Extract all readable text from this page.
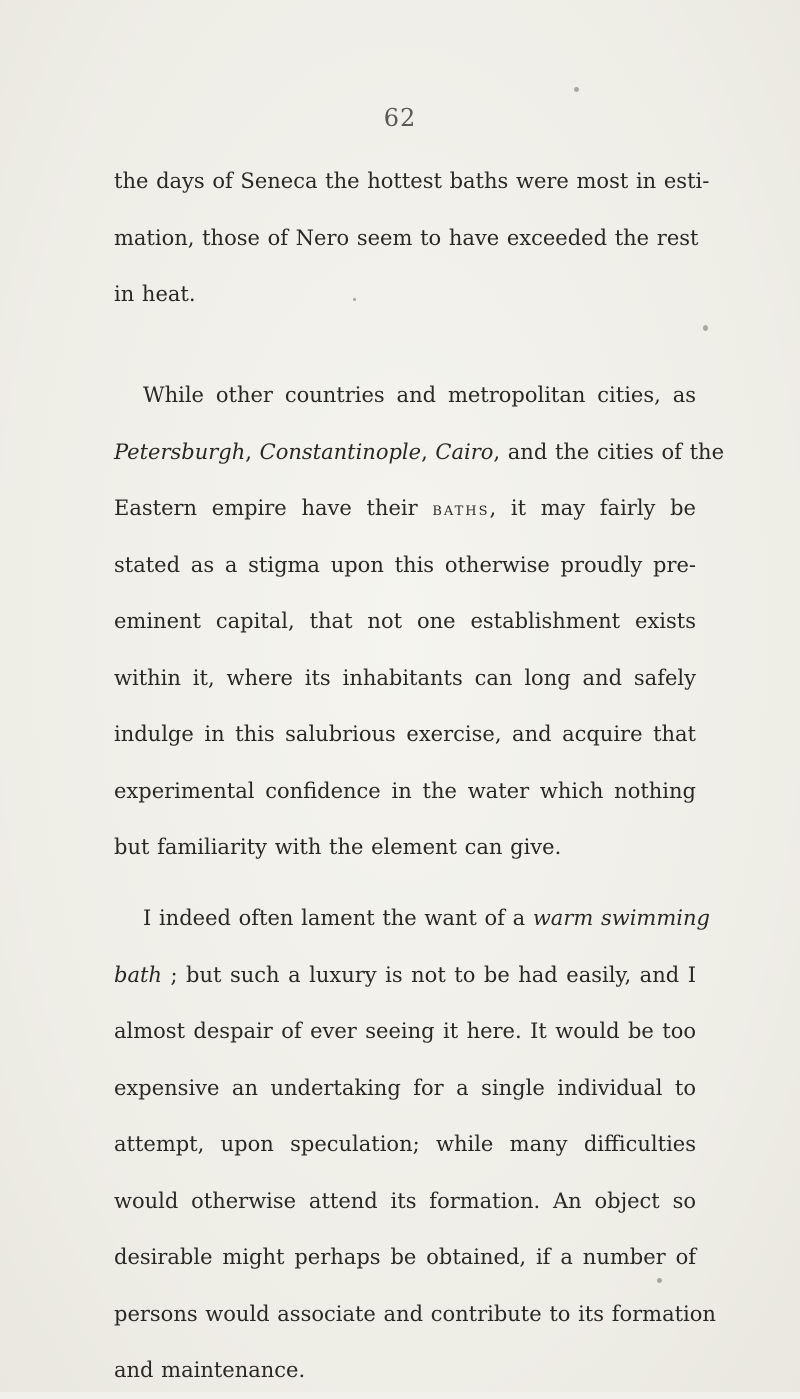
62
the days of Seneca the hottest baths were most in esti-
mation, those of Nero seem to have exceeded the rest
in heat.
While other countries and metropolitan cities, as
Petersburgh, Constantinople, Cairo, and the cities of the
Eastern empire have their baths, it may fairly be
stated as a stigma upon this otherwise proudly pre-
eminent capital, that not one establishment exists
within it, where its inhabitants can long and safely
indulge in this salubrious exercise, and acquire that
experimental confidence in the water which nothing
but familiarity with the element can give.
I indeed often lament the want of a warm swimming
bath ; but such a luxury is not to be had easily, and I
almost despair of ever seeing it here. It would be too
expensive an undertaking for a single individual to
attempt, upon speculation; while many difficulties
would otherwise attend its formation. An object so
desirable might perhaps be obtained, if a number of
persons would associate and contribute to its formation
and maintenance.
